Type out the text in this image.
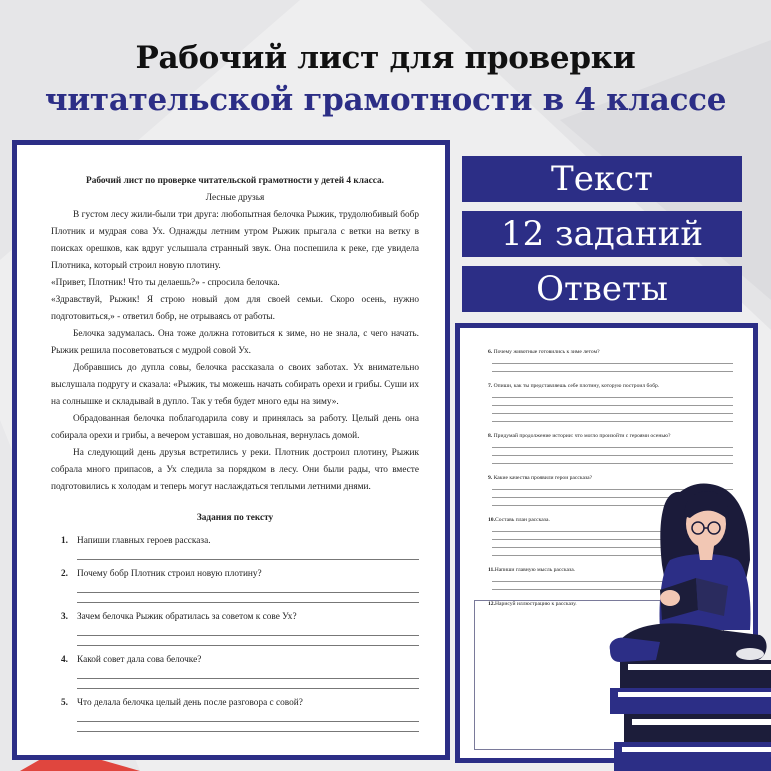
Рабочий лист для проверки
читательской грамотности в 4 классе
Рабочий лист по проверке читательской грамотности у детей 4 класса.
Лесные друзья

В густом лесу жили-были три друга: любопытная белочка Рыжик, трудолюбивый бобр Плотник и мудрая сова Ух. Однажды летним утром Рыжик прыгала с ветки на ветку в поисках орешков, как вдруг услышала странный звук. Она поспешила к реке, где увидела Плотника, который строил новую плотину.

«Привет, Плотник! Что ты делаешь?» - спросила белочка.

«Здравствуй, Рыжик! Я строю новый дом для своей семьи. Скоро осень, нужно подготовиться,» - ответил бобр, не отрываясь от работы.

Белочка задумалась. Она тоже должна готовиться к зиме, но не знала, с чего начать. Рыжик решила посоветоваться с мудрой совой Ух.

Добравшись до дупла совы, белочка рассказала о своих заботах. Ух внимательно выслушала подругу и сказала: «Рыжик, ты можешь начать собирать орехи и грибы. Суши их на солнышке и складывай в дупло. Так у тебя будет много еды на зиму».

Обрадованная белочка поблагодарила сову и принялась за работу. Целый день она собирала орехи и грибы, а вечером уставшая, но довольная, вернулась домой.

На следующий день друзья встретились у реки. Плотник достроил плотину, Рыжик собрала много припасов, а Ух следила за порядком в лесу. Они были рады, что вместе подготовились к холодам и теперь могут наслаждаться теплыми летними днями.

Задания по тексту
1. Напиши главных героев рассказа.
2. Почему бобр Плотник строил новую плотину?
3. Зачем белочка Рыжик обратилась за советом к сове Ух?
4. Какой совет дала сова белочке?
5. Что делала белочка целый день после разговора с совой?
Текст
12 заданий
Ответы
6. Почему животные готовились к зиме летом?
7. Опиши, как ты представляешь себе плотину, которую построил бобр.
8. Придумай продолжение истории: что могло произойти с героями осенью?
9. Какие качества проявили герои рассказа?
10.Составь план рассказа.
11.Напиши главную мысль рассказа.
12.Нарисуй иллюстрацию к рассказу.
